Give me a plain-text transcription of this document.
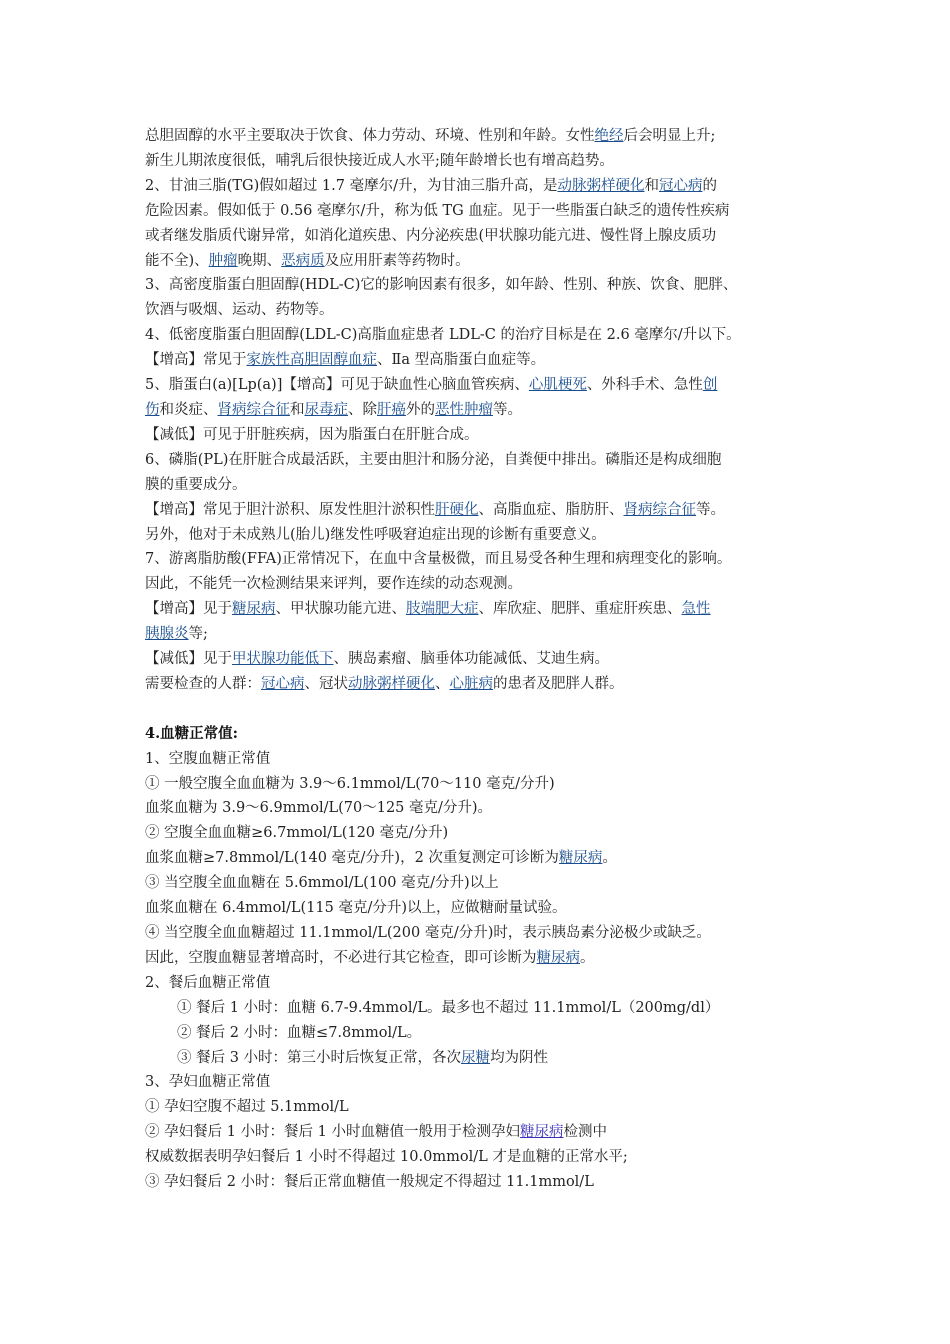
总胆固醇的水平主要取决于饮食、体力劳动、环境、性别和年龄。女性绝经后会明显上升;
新生儿期浓度很低，哺乳后很快接近成人水平;随年龄增长也有增高趋势。
2、甘油三脂(TG)假如超过 1.7 毫摩尔/升，为甘油三脂升高，是动脉粥样硬化和冠心病的
危险因素。假如低于 0.56 毫摩尔/升，称为低 TG 血症。见于一些脂蛋白缺乏的遗传性疾病
或者继发脂质代谢异常，如消化道疾患、内分泌疾患(甲状腺功能亢进、慢性肾上腺皮质功
能不全)、肿瘤晚期、恶病质及应用肝素等药物时。
3、高密度脂蛋白胆固醇(HDL-C)它的影响因素有很多，如年龄、性别、种族、饮食、肥胖、
饮酒与吸烟、运动、药物等。
4、低密度脂蛋白胆固醇(LDL-C)高脂血症患者 LDL-C 的治疗目标是在 2.6 毫摩尔/升以下。
【增高】常见于家族性高胆固醇血症、Ⅱa 型高脂蛋白血症等。
5、脂蛋白(a)[Lp(a)]【增高】可见于缺血性心脑血管疾病、心肌梗死、外科手术、急性创
伤和炎症、肾病综合征和尿毒症、除肝癌外的恶性肿瘤等。
【减低】可见于肝脏疾病，因为脂蛋白在肝脏合成。
6、磷脂(PL)在肝脏合成最活跃，主要由胆汁和肠分泌，自粪便中排出。磷脂还是构成细胞
膜的重要成分。
【增高】常见于胆汁淤积、原发性胆汁淤积性肝硬化、高脂血症、脂肪肝、肾病综合征等。
另外，他对于未成熟儿(胎儿)继发性呼吸窘迫症出现的诊断有重要意义。
7、游离脂肪酸(FFA)正常情况下，在血中含量极微，而且易受各种生理和病理变化的影响。
因此，不能凭一次检测结果来评判，要作连续的动态观测。
【增高】见于糖尿病、甲状腺功能亢进、肢端肥大症、库欣症、肥胖、重症肝疾患、急性
胰腺炎等;
【减低】见于甲状腺功能低下、胰岛素瘤、脑垂体功能减低、艾迪生病。
需要检查的人群：冠心病、冠状动脉粥样硬化、心脏病的患者及肥胖人群。
4.血糖正常值:
1、空腹血糖正常值
① 一般空腹全血血糖为 3.9～6.1mmol/L(70～110 毫克/分升)
血浆血糖为 3.9～6.9mmol/L(70～125 毫克/分升)。
② 空腹全血血糖≥6.7mmol/L(120 毫克/分升)
血浆血糖≥7.8mmol/L(140 毫克/分升)，2 次重复测定可诊断为糖尿病。
③ 当空腹全血血糖在 5.6mmol/L(100 毫克/分升)以上
血浆血糖在 6.4mmol/L(115 毫克/分升)以上，应做糖耐量试验。
④ 当空腹全血血糖超过 11.1mmol/L(200 毫克/分升)时，表示胰岛素分泌极少或缺乏。
因此，空腹血糖显著增高时，不必进行其它检查，即可诊断为糖尿病。
2、餐后血糖正常值
① 餐后 1 小时：血糖 6.7-9.4mmol/L。最多也不超过 11.1mmol/L（200mg/dl）
② 餐后 2 小时：血糖≤7.8mmol/L。
③ 餐后 3 小时：第三小时后恢复正常，各次尿糖均为阴性
3、孕妇血糖正常值
① 孕妇空腹不超过 5.1mmol/L
② 孕妇餐后 1 小时：餐后 1 小时血糖值一般用于检测孕妇糖尿病检测中
权威数据表明孕妇餐后 1 小时不得超过 10.0mmol/L 才是血糖的正常水平;
③ 孕妇餐后 2 小时：餐后正常血糖值一般规定不得超过 11.1mmol/L
